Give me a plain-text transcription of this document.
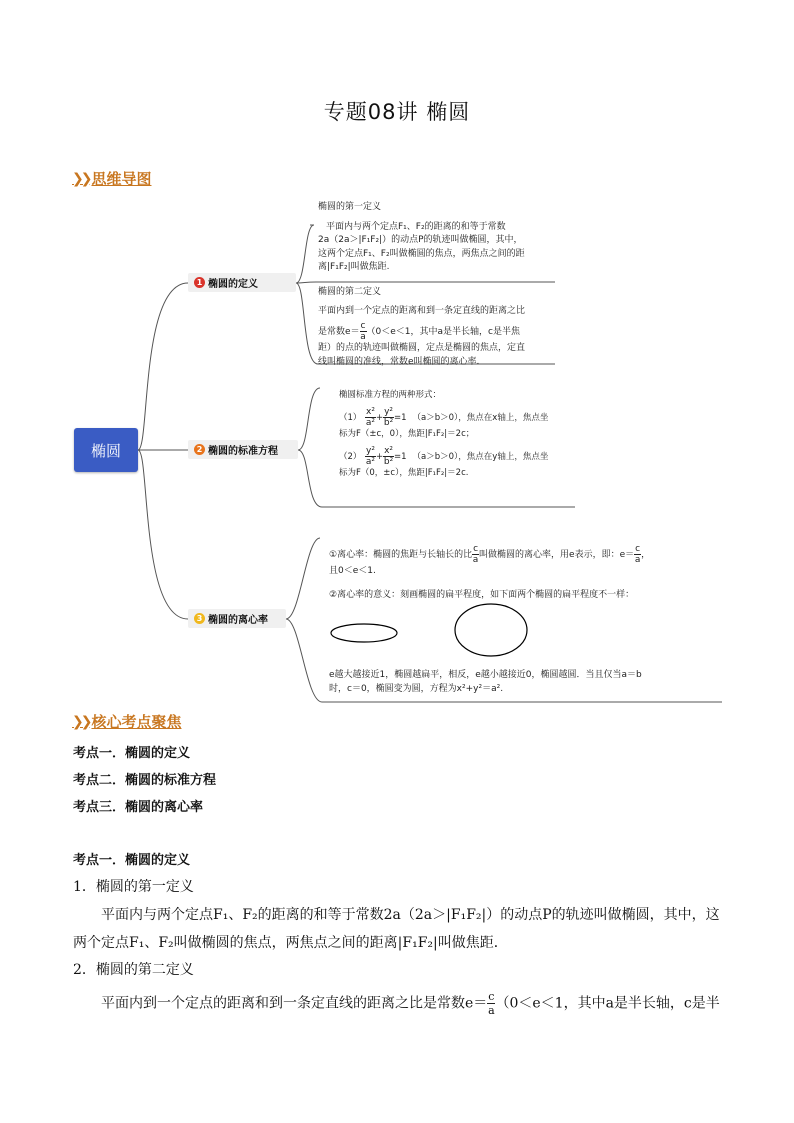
专题08讲 椭圆
❯❯ 思维导图
椭圆
1 椭圆的定义
2 椭圆的标准方程
3 椭圆的离心率
椭圆的第一定义
平面内与两个定点F₁、F₂的距离的和等于常数
2a（2a＞|F₁F₂|）的动点P的轨迹叫做椭圆，其中，
这两个定点F₁、F₂叫做椭圆的焦点，两焦点之间的距
离|F₁F₂|叫做焦距.
椭圆的第二定义
平面内到一个定点的距离和到一条定直线的距离之比
是常数$e= \frac{c}{a} (0<e<1$，其中a是半长轴，c是半焦
距）的点的轨迹叫做椭圆，定点是椭圆的焦点，定直
线叫椭圆的准线，常数e叫椭圆的离心率.
椭圆标准方程的两种形式：
$(1) \frac{\text{x²}}{\text{a²}} + \frac{\text{y²}}{\text{b²}} =1$ （a＞b＞0），焦点在x轴上，焦点坐
标为F（±c，0），焦距|F₁F₂|＝2c；
$(2) \frac{\text{y²}}{\text{a²}} + \frac{\text{x²}}{\text{b²}} =1$ （a＞b＞0），焦点在y轴上，焦点坐
标为F（0，±c），焦距|F₁F₂|＝2c.
①离心率：椭圆的焦距与长轴长的比 $\frac{c}{a}$ 叫做椭圆的离心率，用e表示，即：$e= \frac{c}{a}$ ，
且0＜e＜1.
②离心率的意义：刻画椭圆的扁平程度，如下面两个椭圆的扁平程度不一样：
e越大越接近1，椭圆越扁平，相反，e越小越接近0，椭圆越圆．当且仅当a＝b
时，c＝0，椭圆变为圆，方程为x²+y²＝a².
❯❯ 核心考点聚焦
考点一．椭圆的定义
考点二．椭圆的标准方程
考点三．椭圆的离心率
考点一．椭圆的定义
1．椭圆的第一定义
平面内与两个定点F₁、F₂的距离的和等于常数2a（2a＞|F₁F₂|）的动点P的轨迹叫做椭圆，其中，这
两个定点F₁、F₂叫做椭圆的焦点，两焦点之间的距离|F₁F₂|叫做焦距．
2．椭圆的第二定义
平面内到一个定点的距离和到一条定直线的距离之比是常数$e= \frac{c}{a} (0<e<1$，其中a是半长轴，c是半
